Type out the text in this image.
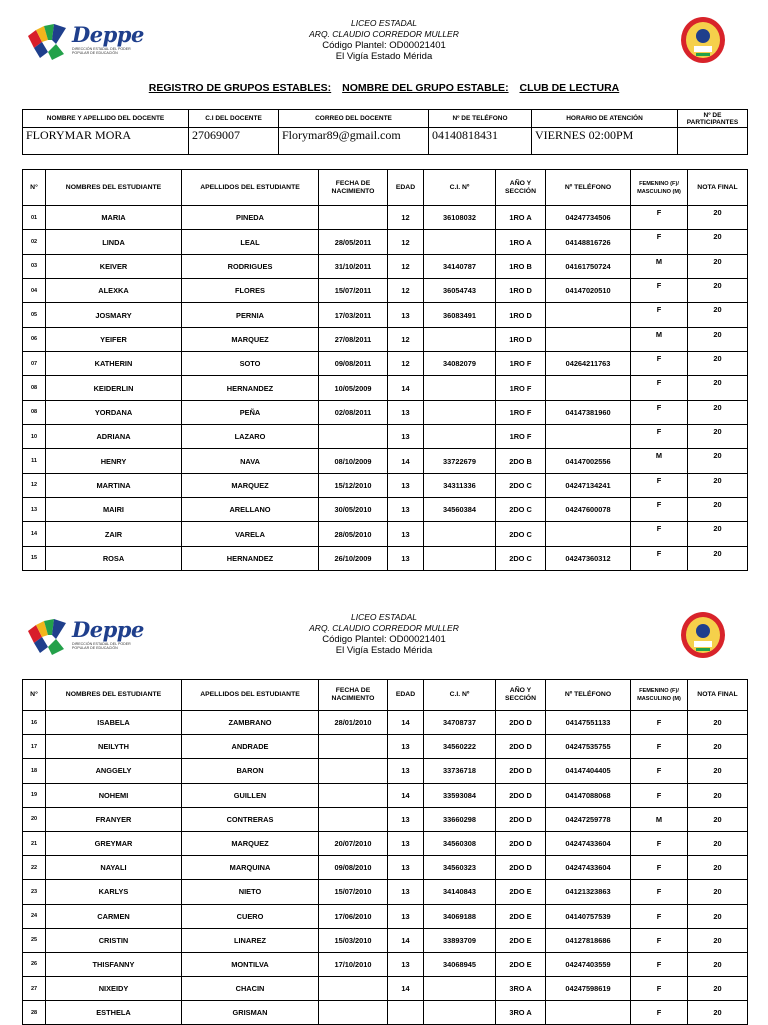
Deppe
DIRECCIÓN ESTADAL DEL PODER POPULAR DE EDUCACIÓN
LICEO ESTADAL
ARQ. CLAUDIO CORREDOR MULLER
Código Plantel: OD00021401
El Vigía Estado Mérida
REGISTRO DE GRUPOS ESTABLES: NOMBRE DEL GRUPO ESTABLE: CLUB DE LECTURA
NOMBRE Y APELLIDO DEL DOCENTE	C.I DEL DOCENTE	CORREO DEL DOCENTE	Nº DE TELÉFONO	HORARIO DE ATENCIÓN	Nº DE PARTICIPANTES
FLORYMAR MORA	27069007	Florymar89@gmail.com	04140818431	VIERNES 02:00PM	
N°	NOMBRES DEL ESTUDIANTE	APELLIDOS DEL ESTUDIANTE	FECHA DE NACIMIENTO	EDAD	C.I. Nº	AÑO Y SECCIÓN	Nº TELÉFONO	FEMENINO (F)/ MASCULINO (M)	NOTA FINAL
01	MARIA	PINEDA		12	36108032	1RO A	04247734506	F	20
02	LINDA	LEAL	28/05/2011	12		1RO A	04148816726	F	20
03	KEIVER	RODRIGUES	31/10/2011	12	34140787	1RO B	04161750724	M	20
04	ALEXKA	FLORES	15/07/2011	12	36054743	1RO D	04147020510	F	20
05	JOSMARY	PERNIA	17/03/2011	13	36083491	1RO D		F	20
06	YEIFER	MARQUEZ	27/08/2011	12		1RO D		M	20
07	KATHERIN	SOTO	09/08/2011	12	34082079	1RO F	04264211763	F	20
08	KEIDERLIN	HERNANDEZ	10/05/2009	14		1RO F		F	20
08	YORDANA	PEÑA	02/08/2011	13		1RO F	04147381960	F	20
10	ADRIANA	LAZARO		13		1RO F		F	20
11	HENRY	NAVA	08/10/2009	14	33722679	2DO B	04147002556	M	20
12	MARTINA	MARQUEZ	15/12/2010	13	34311336	2DO C	04247134241	F	20
13	MAIRI	ARELLANO	30/05/2010	13	34560384	2DO C	04247600078	F	20
14	ZAIR	VARELA	28/05/2010	13		2DO C		F	20
15	ROSA	HERNANDEZ	26/10/2009	13		2DO C	04247360312	F	20
Deppe
DIRECCIÓN ESTADAL DEL PODER POPULAR DE EDUCACIÓN
LICEO ESTADAL
ARQ. CLAUDIO CORREDOR MULLER
Código Plantel: OD00021401
El Vigía Estado Mérida
N°	NOMBRES DEL ESTUDIANTE	APELLIDOS DEL ESTUDIANTE	FECHA DE NACIMIENTO	EDAD	C.I. Nº	AÑO Y SECCIÓN	Nº TELÉFONO	FEMENINO (F)/ MASCULINO (M)	NOTA FINAL
16	ISABELA	ZAMBRANO	28/01/2010	14	34708737	2DO D	04147551133	F	20
17	NEILYTH	ANDRADE		13	34560222	2DO D	04247535755	F	20
18	ANGGELY	BARON		13	33736718	2DO D	04147404405	F	20
19	NOHEMI	GUILLEN		14	33593084	2DO D	04147088068	F	20
20	FRANYER	CONTRERAS		13	33660298	2DO D	04247259778	M	20
21	GREYMAR	MARQUEZ	20/07/2010	13	34560308	2DO D	04247433604	F	20
22	NAYALI	MARQUINA	09/08/2010	13	34560323	2DO D	04247433604	F	20
23	KARLYS	NIETO	15/07/2010	13	34140843	2DO E	04121323863	F	20
24	CARMEN	CUERO	17/06/2010	13	34069188	2DO E	04140757539	F	20
25	CRISTIN	LINAREZ	15/03/2010	14	33893709	2DO E	04127818686	F	20
26	THISFANNY	MONTILVA	17/10/2010	13	34068945	2DO E	04247403559	F	20
27	NIXEIDY	CHACIN		14		3RO A	04247598619	F	20
28	ESTHELA	GRISMAN				3RO A		F	20
